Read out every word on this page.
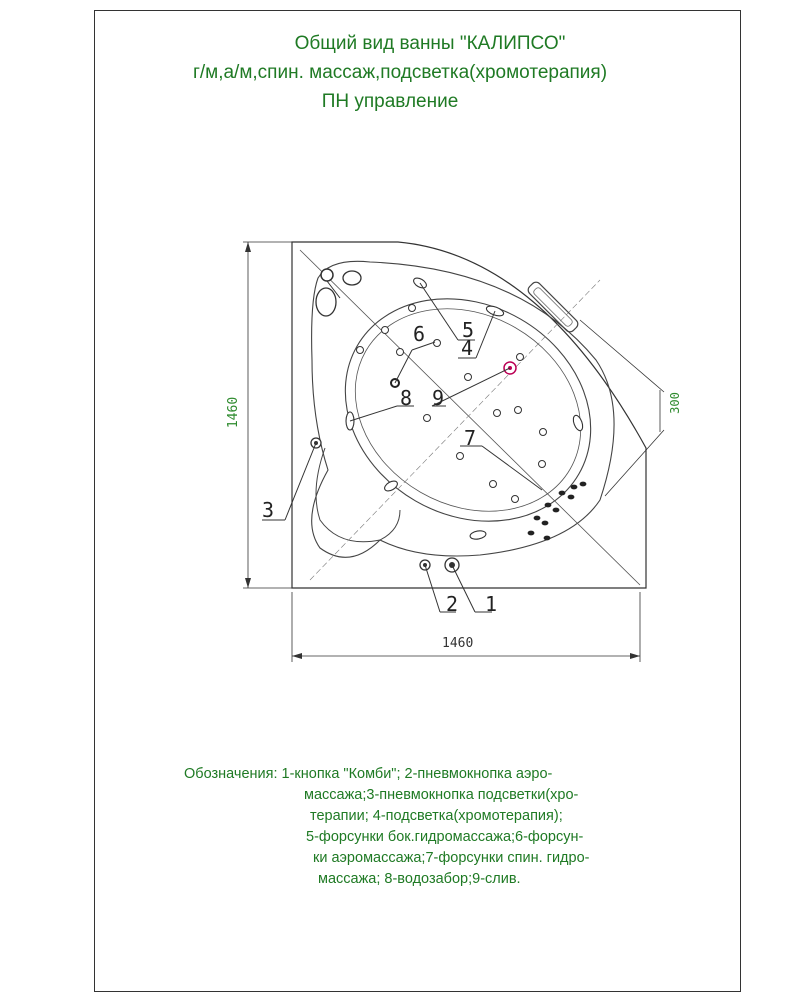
Общий вид ванны "КАЛИПСО"
г/м,а/м,спин. массаж,подсветка(хромотерапия)
ПН управление
1460
1460
300
1
2
3
4
5
6
7
8 9
Обозначения: 1-кнопка "Комби"; 2-пневмокнопка аэро-
массажа;3-пневмокнопка подсветки(хро-
терапии; 4-подсветка(хромотерапия);
5-форсунки бок.гидромассажа;6-форсун-
ки аэромассажа;7-форсунки спин. гидро-
массажа; 8-водозабор;9-слив.
